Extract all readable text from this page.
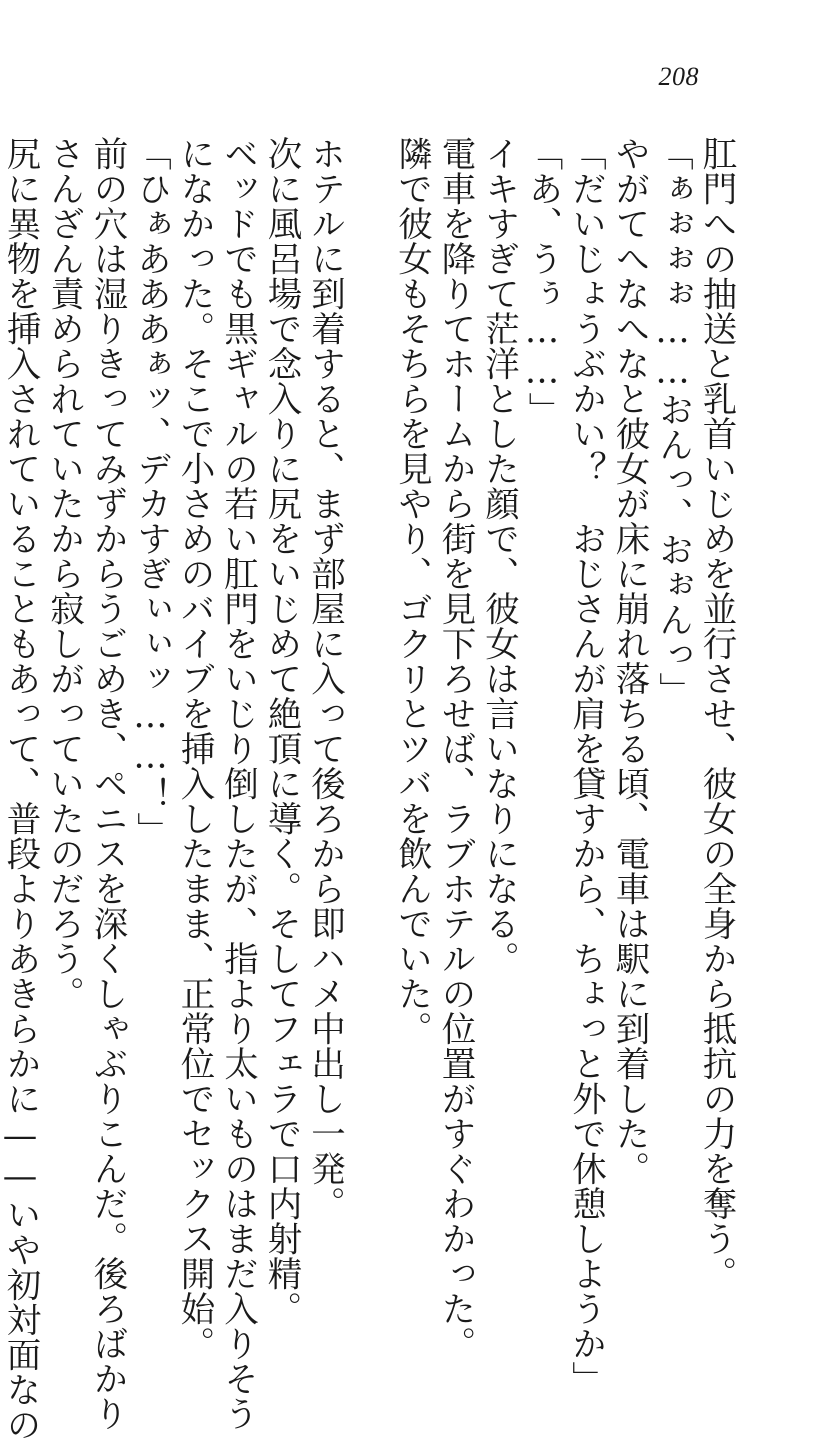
208

肛門への抽送と乳首いじめを並行させ、彼女の全身から抵抗の力を奪う。

「ぁぉぉぉ……おんっ、おぉんっ」

やがてへなへなと彼女が床に崩れ落ちる頃、電車は駅に到着した。

「だいじょうぶかい？　おじさんが肩を貸すから、ちょっと外で休憩しようか」

「あ、うぅ……」

イキすぎて茫洋とした顔で、彼女は言いなりになる。

電車を降りてホームから街を見下ろせば、ラブホテルの位置がすぐわかった。

隣で彼女もそちらを見やり、ゴクリとツバを飲んでいた。

ホテルに到着すると、まず部屋に入って後ろから即ハメ中出し一発。

次に風呂場で念入りに尻をいじめて絶頂に導く。そしてフェラで口内射精。

ベッドでも黒ギャルの若い肛門をいじり倒したが、指より太いものはまだ入りそう

になかった。そこで小さめのバイブを挿入したまま、正常位でセックス開始。

「ひぁあああぁッ、デカすぎぃぃッ……！」

前の穴は湿りきってみずからうごめき、ペニスを深くしゃぶりこんだ。後ろばかり

さんざん責められていたから寂しがっていたのだろう。

尻に異物を挿入されていることもあって、普段よりあきらかに——いや初対面なの
